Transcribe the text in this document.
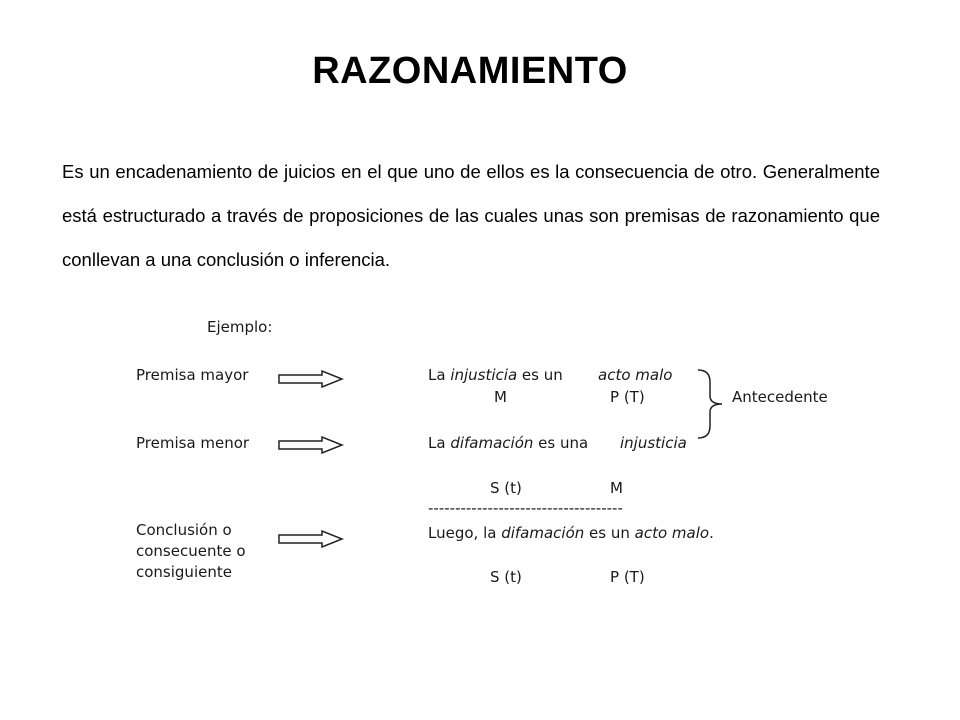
RAZONAMIENTO
Es un encadenamiento de juicios en el que uno de ellos es la consecuencia de otro. Generalmente está estructurado a través de proposiciones de las cuales unas son premisas de razonamiento que conllevan a una conclusión o inferencia.
Ejemplo:
Premisa mayor	La injusticia es un acto malo
M	P (T)
Premisa menor	La difamación es una injusticia
S (t)	M
Antecedente
------------------------------------
Conclusión o
consecuente o
consiguiente
Luego, la difamación es un acto malo.
S (t)	P (T)
